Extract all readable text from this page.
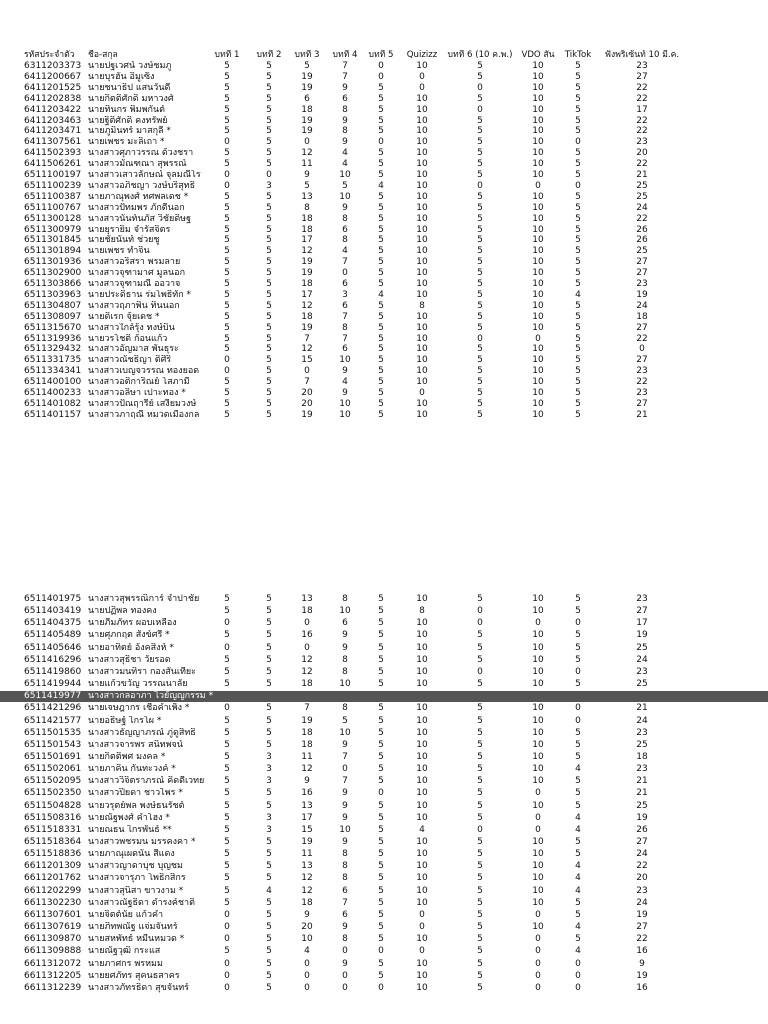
รหัสประจำตัว	ชื่อ-สกุล	บทที่ 1	บทที่ 2	บทที่ 3	บทที่ 4	บทที่ 5	Quizizz	บทที่ 6 (10 ค.พ.)	VDO สั้น	TikTok	ฟังพริเซ้นท์ 10 มี.ค.
6311203373 นายปฐเวศน์ วงษ์ชมภู	5	5	5	7	0	10	5	10	5	23
6411200667 นายบุรฮัน อิมูเซ็ง	5	5	19	7	0	0	5	10	5	27
6411201525 นายชนาธิป แสนวันดี	5	5	19	9	5	0	0	10	5	22
6411202838 นายกิตติศักดิ์ มหาวงศ์	5	5	6	6	5	10	5	10	5	22
6411203422 นายทินกร พิมพกันต์	5	5	18	8	5	10	0	10	5	17
6411203463 นายฐิติศักดิ์ คงทรัพย์	5	5	19	9	5	10	5	10	5	22
6411203471 นายภูมินทร์ มาสกุลี *	5	5	19	8	5	10	5	10	5	22
6411307561 นายเพชร มะลิเถา *	0	5	0	9	0	10	5	10	0	23
6411502393 นางสาวศุภาวรรณ ด้วงชรา	5	5	12	4	5	10	5	10	5	20
6411506261 นางสาวมัณฑณา สุพรรณ์	5	5	11	4	5	10	5	10	5	22
6511100197 นางสาวเสาวลักษณ์ จุลมณีโร	0	0	9	10	5	10	5	10	5	21
6511100239 นางสาวอภิชญา วงษ์บริสุทธิ์	0	3	5	5	4	10	0	0	0	25
6511100387 นายภาณุพงศ์ ทศพลเดช *	5	5	13	10	5	10	5	10	5	25
6511100767 นางสาวปัทมพร ภักดีนอก	5	5	8	9	5	10	5	10	5	24
6511300128 นางสาวนันท์นภัส วิชัยดิษฐ	5	5	18	8	5	10	5	10	5	22
6511300979 นายยุรายิม จำรัสจิตร	5	5	18	6	5	10	5	10	5	26
6511301845 นายชัยนันท์ ช่วยชู	5	5	17	8	5	10	5	10	5	26
6511301894 นายเพชร ทำจิน	5	5	12	4	5	10	5	10	5	25
6511301936 นางสาวอริสรา พรมลาย	5	5	19	7	5	10	5	10	5	27
6511302900 นางสาวจุฑามาศ มูลนอก	5	5	19	0	5	10	5	10	5	27
6511303866 นางสาวจุฑามณี ออวาจ	5	5	18	6	5	10	5	10	5	23
6511303963 นายประดิธาน ร่มโพธิ์ทัก *	5	5	17	3	4	10	5	10	4	19
6511304807 นางสาวฤภาพิน ทินนอก	5	5	12	6	5	8	5	10	5	24
6511308097 นายดิเรก จุ้ยเดช *	5	5	18	7	5	10	5	10	5	18
6511315670 นางสาวใกล์รุ้ง ทงษ์บิน	5	5	19	8	5	10	5	10	5	27
6511319936 นายวรโชติ ก้อนแก้ว	5	5	7	7	5	10	0	0	5	22
6511329432 นางสาวอัญมาส พันธุระ	5	5	12	6	5	10	5	10	5	0
6511331735 นางสาวณัชธิญา ติศิริ	0	5	15	10	5	10	5	10	5	27
6511334341 นางสาวเบญจวรรณ ทองยอด	0	5	0	9	5	10	5	10	5	23
6511400100 นางสาวอติการิณย์ โสภามี	5	5	7	4	5	10	5	10	5	22
6511400233 นางสาวอลิษา เปาะทอง *	5	5	20	9	5	0	5	10	5	23
6511401082 นางสาวปัณฤารีย์ เสงี่ยมวงษ์	5	5	20	10	5	10	5	10	5	27
6511401157 นางสาวภาฤณี หมวดเมืองกล	5	5	19	10	5	10	5	10	5	21
6511401975 นางสาวสุพรรณิการ์ จำปาชัย	5	5	13	8	5	10	5	10	5	23
6511403419 นายปฏิพล ทองคง	5	5	18	10	5	8	0	10	5	27
6511404375 นายภีมภัทร ผอบเหลือง	0	5	0	6	5	10	0	0	0	17
6511405489 นายศุภกฤต สังข์ศรี *	5	5	16	9	5	10	5	10	5	19
6511405646 นายอาทิตย์ อ้งคสิงห์ *	0	5	0	9	5	10	5	10	5	25
6511416296 นางสาวสุธิชา วัยรอด	5	5	12	8	5	10	5	10	5	24
6511419860 นางสาวมนทิรา กองสันเทียะ	5	5	12	8	5	10	0	10	0	23
6511419944 นายแก้วขวัญ วรรณนาลัย	5	5	18	10	5	10	5	10	5	25
6511419977 นางสาวกลอาภา ไวยัญญกรรม *
6511421296 นายเจษฎากร เชื้อคำเพ็ง *	0	5	7	8	5	10	5	10	0	21
6511421577 นายอธิษฐ์ ไกรโผ *	5	5	19	5	5	10	5	10	0	24
6511501535 นางสาวธัญญาภรณ์ ภู่ดูสิทธิ	5	5	18	10	5	10	5	10	5	23
6511501543 นางสาวจารพร สนิทพจน์	5	5	18	9	5	10	5	10	5	25
6511501691 นายกิตติพศ มงคล *	5	3	11	7	5	10	5	10	5	18
6511502061 นายภาคิน กันทะวงค์ *	5	3	12	0	5	10	5	10	4	23
6511502095 นางสาววิจิตราภรณ์ คิดดีเวทย	5	3	9	7	5	10	5	10	5	21
6511502350 นางสาวปิยดา ชาวไพร *	5	5	16	9	0	10	5	0	5	21
6511504828 นายวรุตย์พล พงษ์ธนรัชต์	5	5	13	9	5	10	5	10	5	25
6511508316 นายณัฐพงศ์ คำโฮง *	5	3	17	9	5	10	5	0	4	19
6511518331 นายณธน ไกรพันธ์ **	5	3	15	10	5	4	0	0	4	26
6511518364 นางสาวพชรมน มรรคงคา *	5	5	19	9	5	10	5	10	5	27
6511518836 นายภาณุเผดนัน สีแดง	5	5	11	8	5	10	5	10	5	24
6611201309 นางสาวญาดาบุช บุญชม	5	5	13	8	5	10	5	10	4	22
6611201762 นางสาวจารุภา โพธิกสิกร	5	5	12	8	5	10	5	10	4	20
6611202299 นางสาวสุนิสา ขาวงาม *	5	4	12	6	5	10	5	10	4	23
6611302230 นางสาวณัฐธิดา ดำรงค์ชาติ	5	5	18	7	5	10	5	10	5	24
6611307601 นายจิตต์นัย แก้วคำ	0	5	9	6	5	0	5	0	5	19
6611307619 นายภิทพณัฐ แจ่มจันทร์	0	5	20	9	5	0	5	10	4	27
6611309870 นายสหพัทธ์ หมื่นหมวด *	0	5	10	8	5	10	5	0	5	22
6611309888 นายณัฐวุฒิ กระแส	5	5	4	0	0	0	5	0	4	16
6611312072 นายภาศกร พรหมม	0	5	0	9	5	10	5	0	0	9
6611312205 นายยศภัทร สุคนธสาคร	0	5	0	0	5	10	5	0	0	19
6611312239 นางสาวภัทรธิดา สุขจันทร์	0	5	0	0	0	10	5	0	0	16
